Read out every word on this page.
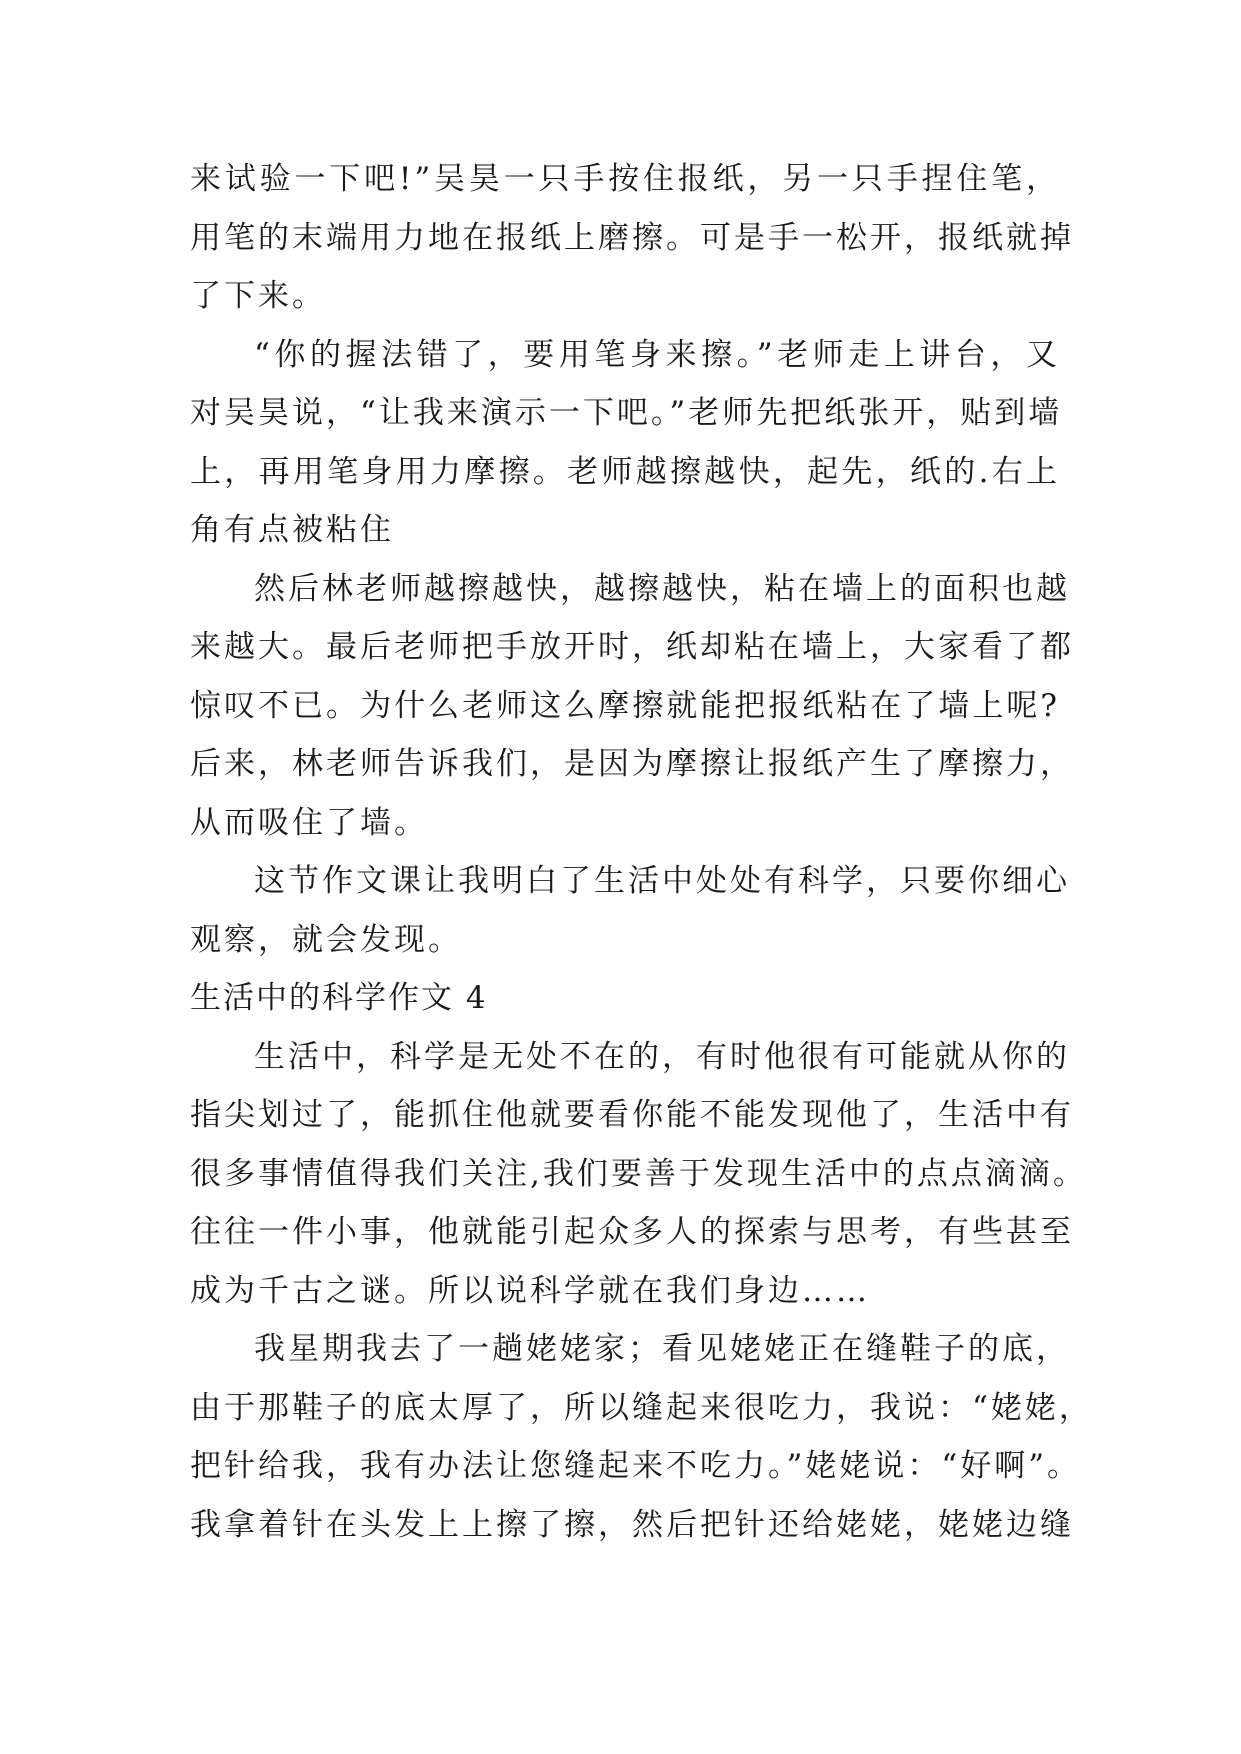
来试验一下吧!”吴昊一只手按住报纸，另一只手捏住笔，
用笔的末端用力地在报纸上磨擦。可是手一松开，报纸就掉
了下来。
“你的握法错了，要用笔身来擦。”老师走上讲台，又
对吴昊说，“让我来演示一下吧。”老师先把纸张开，贴到墙
上，再用笔身用力摩擦。老师越擦越快，起先，纸的.右上
角有点被粘住
然后林老师越擦越快，越擦越快，粘在墙上的面积也越
来越大。最后老师把手放开时，纸却粘在墙上，大家看了都
惊叹不已。为什么老师这么摩擦就能把报纸粘在了墙上呢?
后来，林老师告诉我们，是因为摩擦让报纸产生了摩擦力，
从而吸住了墙。
这节作文课让我明白了生活中处处有科学，只要你细心
观察，就会发现。
生活中的科学作文 4
生活中，科学是无处不在的，有时他很有可能就从你的
指尖划过了，能抓住他就要看你能不能发现他了，生活中有
很多事情值得我们关注,我们要善于发现生活中的点点滴滴。
往往一件小事，他就能引起众多人的探索与思考，有些甚至
成为千古之谜。所以说科学就在我们身边……
我星期我去了一趟姥姥家；看见姥姥正在缝鞋子的底，
由于那鞋子的底太厚了，所以缝起来很吃力，我说：“姥姥，
把针给我，我有办法让您缝起来不吃力。”姥姥说：“好啊”。
我拿着针在头发上上擦了擦，然后把针还给姥姥，姥姥边缝
